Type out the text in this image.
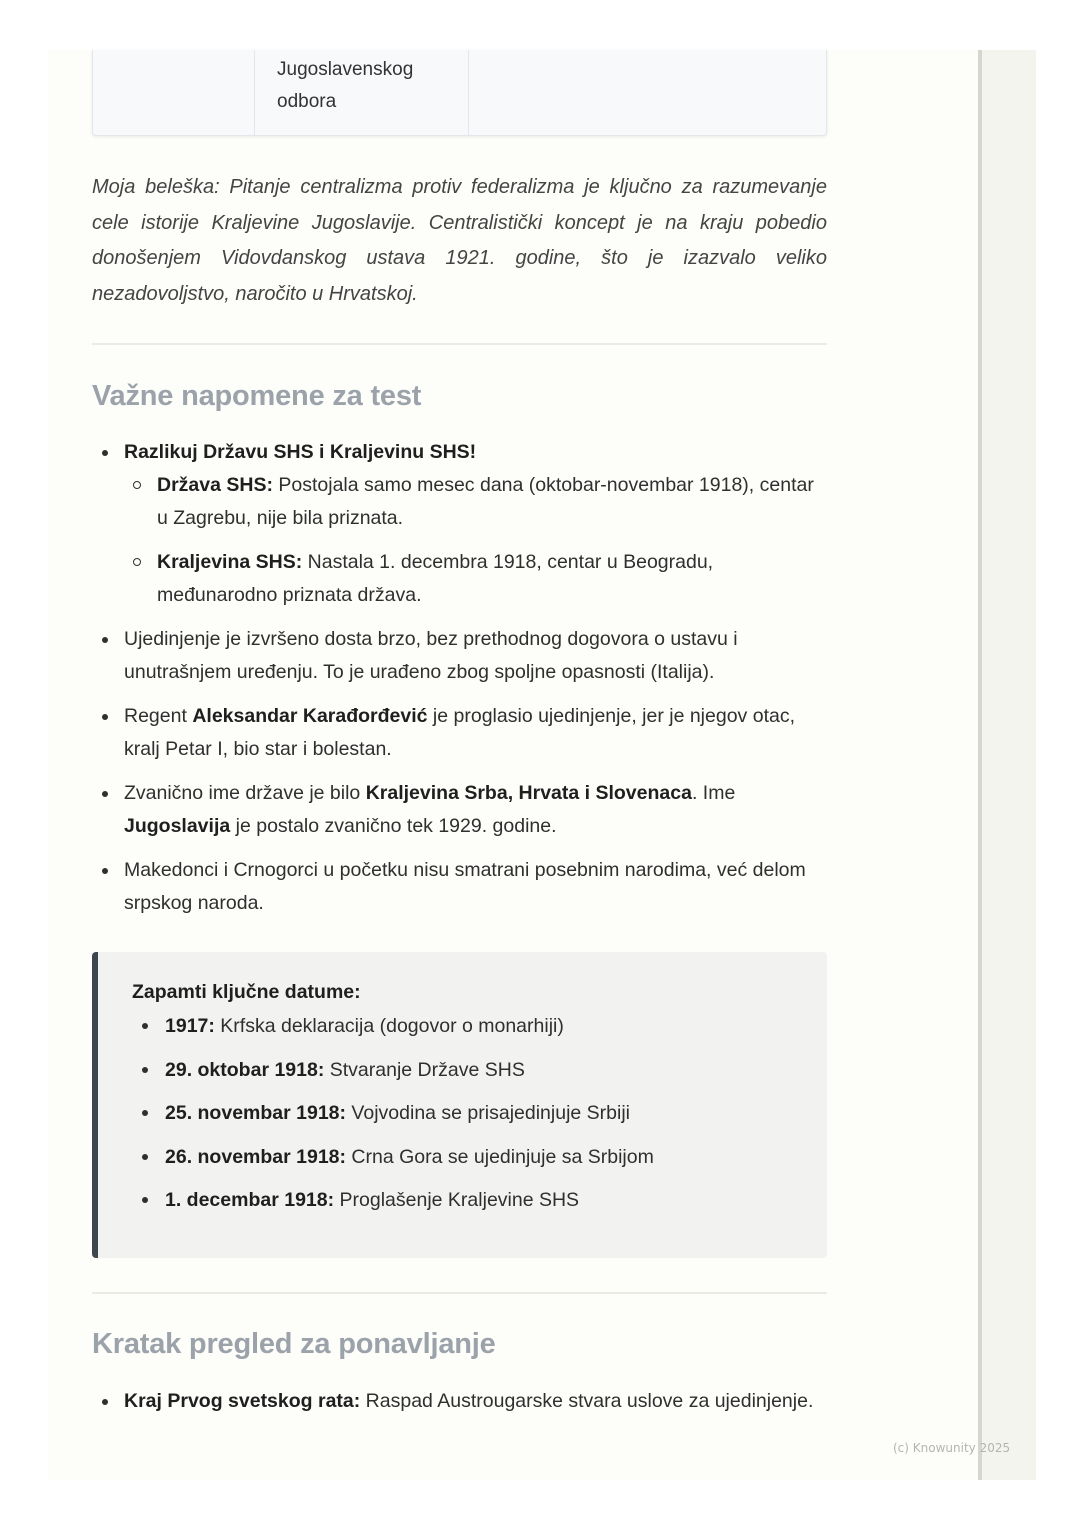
Jugoslavenskog
odbora
Moja beleška: Pitanje centralizma protiv federalizma je ključno za razumevanje cele istorije Kraljevine Jugoslavije. Centralistički koncept je na kraju pobedio donošenjem Vidovdanskog ustava 1921. godine, što je izazvalo veliko nezadovoljstvo, naročito u Hrvatskoj.
Važne napomene za test
Razlikuj Državu SHS i Kraljevinu SHS!
Država SHS: Postojala samo mesec dana (oktobar-novembar 1918), centar u Zagrebu, nije bila priznata.
Kraljevina SHS: Nastala 1. decembra 1918, centar u Beogradu, međunarodno priznata država.
Ujedinjenje je izvršeno dosta brzo, bez prethodnog dogovora o ustavu i unutrašnjem uređenju. To je urađeno zbog spoljne opasnosti (Italija).
Regent Aleksandar Karađorđević je proglasio ujedinjenje, jer je njegov otac, kralj Petar I, bio star i bolestan.
Zvanično ime države je bilo Kraljevina Srba, Hrvata i Slovenaca. Ime Jugoslavija je postalo zvanično tek 1929. godine.
Makedonci i Crnogorci u početku nisu smatrani posebnim narodima, već delom srpskog naroda.
Zapamti ključne datume:
1917: Krfska deklaracija (dogovor o monarhiji)
29. oktobar 1918: Stvaranje Države SHS
25. novembar 1918: Vojvodina se prisajedinjuje Srbiji
26. novembar 1918: Crna Gora se ujedinjuje sa Srbijom
1. decembar 1918: Proglašenje Kraljevine SHS
Kratak pregled za ponavljanje
Kraj Prvog svetskog rata: Raspad Austrougarske stvara uslove za ujedinjenje.
(c) Knowunity 2025
